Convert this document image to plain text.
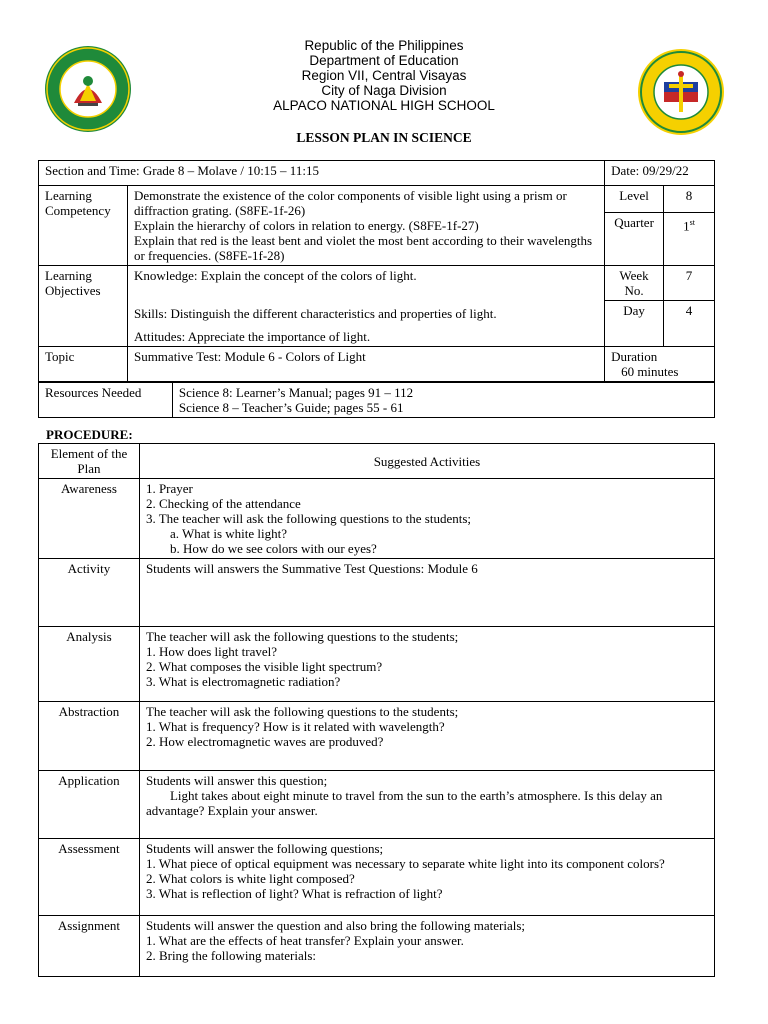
Republic of the Philippines
Department of Education
Region VII, Central Visayas
City of Naga Division
ALPACO NATIONAL HIGH SCHOOL
LESSON PLAN IN SCIENCE
Section and Time: Grade 8 – Molave / 10:15 – 11:15		Date: 09/29/22	
Learning Competency	Demonstrate the existence of the color components of visible light using a prism or diffraction grating. (S8FE-1f-26)
Explain the hierarchy of colors in relation to energy. (S8FE-1f-27)
Explain that red is the least bent and violet the most bent according to their wavelengths or frequencies. (S8FE-1f-28)	Level	8
		Quarter	1st
Learning Objectives	Knowledge: Explain the concept of the colors of light.
Skills: Distinguish the different characteristics and properties of light.
Attitudes: Appreciate the importance of light.	Week No.	7
		Day	4
Topic	Summative Test: Module 6 - Colors of Light	Duration
60 minutes	
Resources Needed	Science 8: Learner’s Manual; pages 91 – 112
Science 8 – Teacher’s Guide; pages 55 - 61
PROCEDURE:
Element of the Plan	Suggested Activities
Awareness	1. Prayer
2. Checking of the attendance
3. The teacher will ask the following questions to the students;
a. What is white light?
b. How do we see colors with our eyes?

Activity	Students will answers the Summative Test Questions: Module 6
Analysis	The teacher will ask the following questions to the students;
1. How does light travel?
2. What composes the visible light spectrum?
3. What is electromagnetic radiation?

Abstraction	The teacher will ask the following questions to the students;
1. What is frequency? How is it related with wavelength?
2. How electromagnetic waves are produved?

Application	Students will answer this question;
Light takes about eight minute to travel from the sun to the earth’s atmosphere. Is this delay an advantage? Explain your answer.

Assessment	Students will answer the following questions;
1. What piece of optical equipment was necessary to separate white light into its component colors?
2. What colors is white light composed?
3. What is reflection of light? What is refraction of light?

Assignment	Students will answer the question and also bring the following materials;
1. What are the effects of heat transfer? Explain your answer.
2. Bring the following materials:
